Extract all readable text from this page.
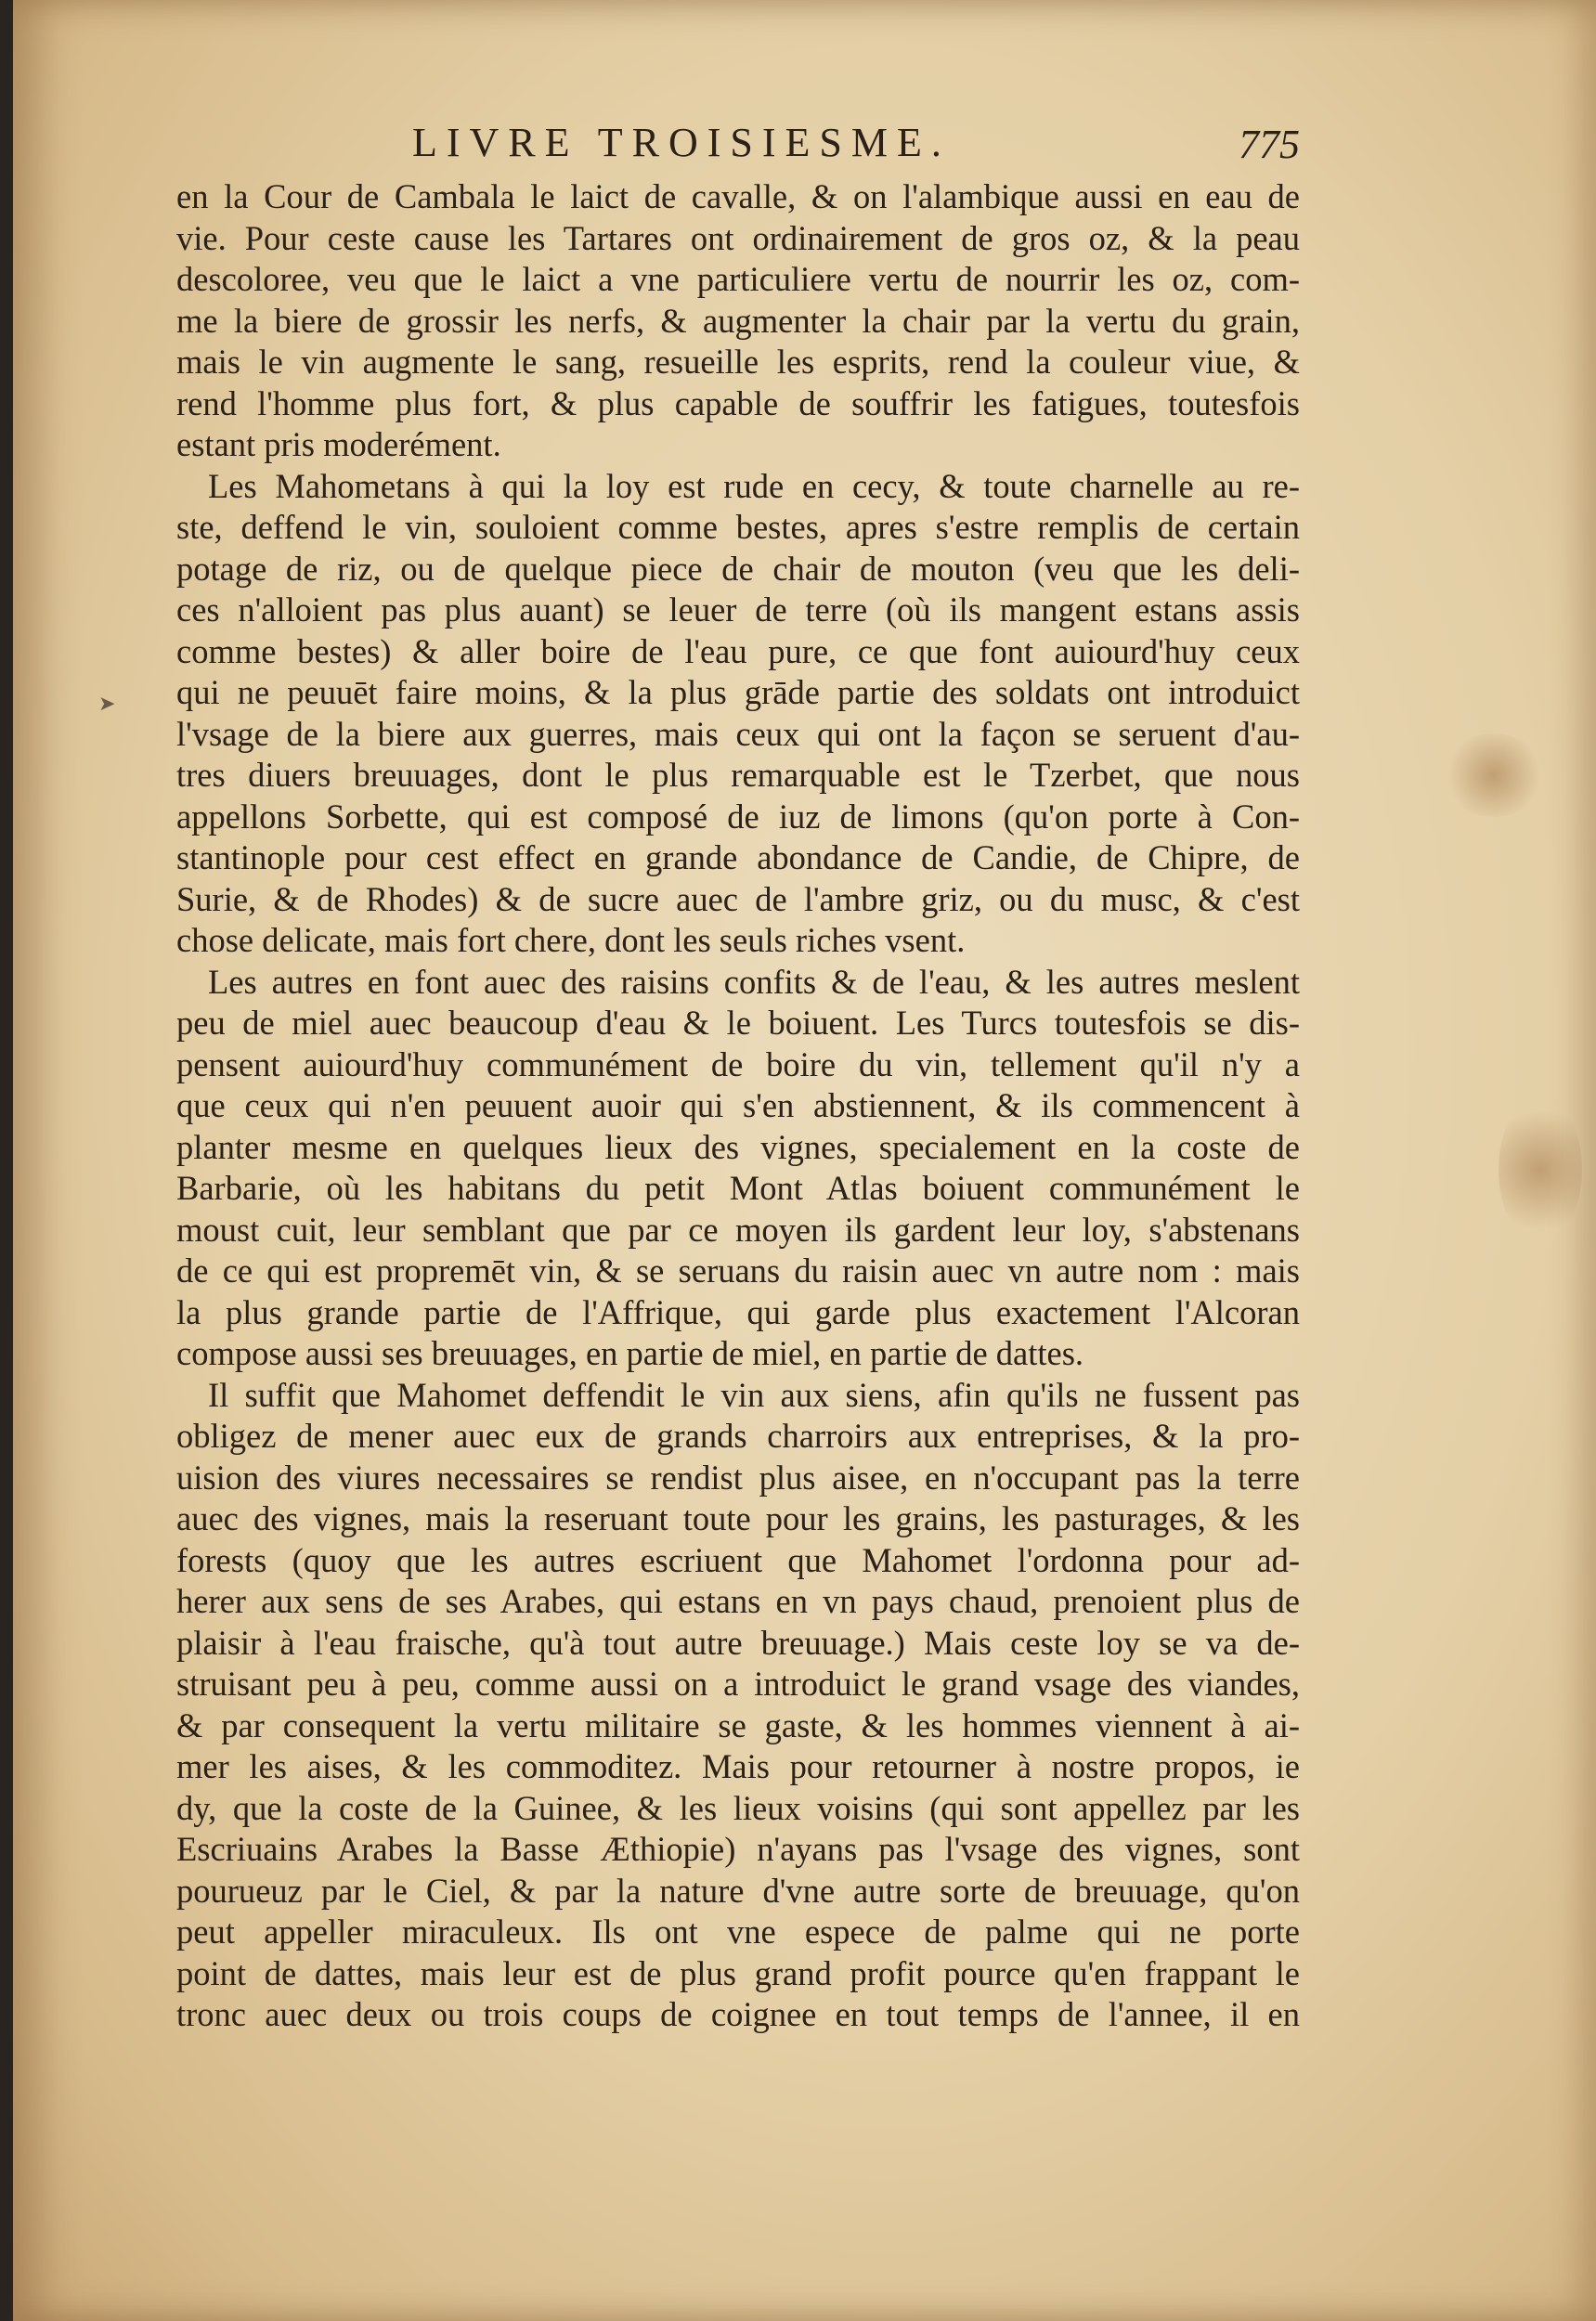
LIVRE TROISIESME.	775
➤
en la Cour de Cambala le laict de cavalle, & on l'alambique aussi en eau de
vie. Pour ceste cause les Tartares ont ordinairement de gros oz, & la peau
descoloree, veu que le laict a vne particuliere vertu de nourrir les oz, com-
me la biere de grossir les nerfs, & augmenter la chair par la vertu du grain,
mais le vin augmente le sang, resueille les esprits, rend la couleur viue, &
rend l'homme plus fort, & plus capable de souffrir les fatigues, toutesfois
estant pris moderément.
Les Mahometans à qui la loy est rude en cecy, & toute charnelle au re-
ste, deffend le vin, souloient comme bestes, apres s'estre remplis de certain
potage de riz, ou de quelque piece de chair de mouton (veu que les deli-
ces n'alloient pas plus auant) se leuer de terre (où ils mangent estans assis
comme bestes) & aller boire de l'eau pure, ce que font auiourd'huy ceux
qui ne peuuēt faire moins, & la plus grāde partie des soldats ont introduict
l'vsage de la biere aux guerres, mais ceux qui ont la façon se seruent d'au-
tres diuers breuuages, dont le plus remarquable est le Tzerbet, que nous
appellons Sorbette, qui est composé de iuz de limons (qu'on porte à Con-
stantinople pour cest effect en grande abondance de Candie, de Chipre, de
Surie, & de Rhodes) & de sucre auec de l'ambre griz, ou du musc, & c'est
chose delicate, mais fort chere, dont les seuls riches vsent.
Les autres en font auec des raisins confits & de l'eau, & les autres meslent
peu de miel auec beaucoup d'eau & le boiuent. Les Turcs toutesfois se dis-
pensent auiourd'huy communément de boire du vin, tellement qu'il n'y a
que ceux qui n'en peuuent auoir qui s'en abstiennent, & ils commencent à
planter mesme en quelques lieux des vignes, specialement en la coste de
Barbarie, où les habitans du petit Mont Atlas boiuent communément le
moust cuit, leur semblant que par ce moyen ils gardent leur loy, s'abstenans
de ce qui est propremēt vin, & se seruans du raisin auec vn autre nom : mais
la plus grande partie de l'Affrique, qui garde plus exactement l'Alcoran
compose aussi ses breuuages, en partie de miel, en partie de dattes.
Il suffit que Mahomet deffendit le vin aux siens, afin qu'ils ne fussent pas
obligez de mener auec eux de grands charroirs aux entreprises, & la pro-
uision des viures necessaires se rendist plus aisee, en n'occupant pas la terre
auec des vignes, mais la reseruant toute pour les grains, les pasturages, & les
forests (quoy que les autres escriuent que Mahomet l'ordonna pour ad-
herer aux sens de ses Arabes, qui estans en vn pays chaud, prenoient plus de
plaisir à l'eau fraische, qu'à tout autre breuuage.) Mais ceste loy se va de-
struisant peu à peu, comme aussi on a introduict le grand vsage des viandes,
& par consequent la vertu militaire se gaste, & les hommes viennent à ai-
mer les aises, & les commoditez. Mais pour retourner à nostre propos, ie
dy, que la coste de la Guinee, & les lieux voisins (qui sont appellez par les
Escriuains Arabes la Basse Æthiopie) n'ayans pas l'vsage des vignes, sont
pourueuz par le Ciel, & par la nature d'vne autre sorte de breuuage, qu'on
peut appeller miraculeux. Ils ont vne espece de palme qui ne porte
point de dattes, mais leur est de plus grand profit pource qu'en frappant le
tronc auec deux ou trois coups de coignee en tout temps de l'annee, il en
